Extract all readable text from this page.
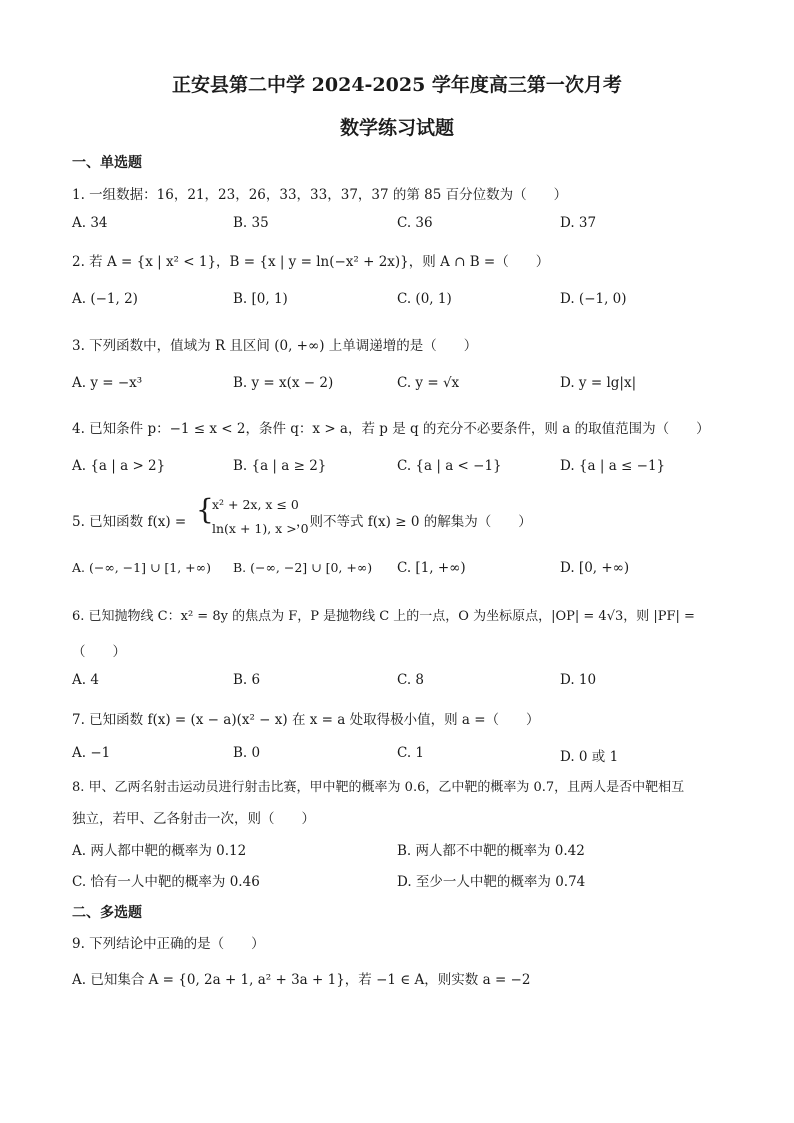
正安县第二中学 2024-2025 学年度高三第一次月考
数学练习试题
一、单选题
1. 一组数据：16，21，23，26，33，33，37，37 的第 85 百分位数为（　　）
A. 34	B. 35	C. 36	D. 37
2. 若 A = {x | x² < 1}，B = {x | y = ln(−x² + 2x)}，则 A ∩ B =（　　）
A. (−1, 2)	B. [0, 1)	C. (0, 1)	D. (−1, 0)
3. 下列函数中，值域为 R 且区间 (0, +∞) 上单调递增的是（　　）
A. y = −x³	B. y = x(x − 2)	C. y = √x	D. y = lg|x|
4. 已知条件 p：−1 ≤ x < 2，条件 q：x > a，若 p 是 q 的充分不必要条件，则 a 的取值范围为（　　）
A. {a | a > 2}	B. {a | a ≥ 2}	C. {a | a < −1}	D. {a | a ≤ −1}
5. 已知函数 f(x) = {
x² + 2x, x ≤ 0
ln(x + 1), x > 0
，则不等式 f(x) ≥ 0 的解集为（　　）
A. (−∞, −1] ∪ [1, +∞) B. (−∞, −2] ∪ [0, +∞) C. [1, +∞)	D. [0, +∞)
6. 已知抛物线 C：x² = 8y 的焦点为 F，P 是抛物线 C 上的一点，O 为坐标原点，|OP| = 4√3，则 |PF| =
（　　）
A. 4	B. 6	C. 8	D. 10
7. 已知函数 f(x) = (x − a)(x² − x) 在 x = a 处取得极小值，则 a =（　　）
A. −1	B. 0	C. 1	D. 0 或 1
8. 甲、乙两名射击运动员进行射击比赛，甲中靶的概率为 0.6，乙中靶的概率为 0.7，且两人是否中靶相互
独立，若甲、乙各射击一次，则（　　）
A. 两人都中靶的概率为 0.12	B. 两人都不中靶的概率为 0.42
C. 恰有一人中靶的概率为 0.46	D. 至少一人中靶的概率为 0.74
二、多选题
9. 下列结论中正确的是（　　）
A. 已知集合 A = {0, 2a + 1, a² + 3a + 1}，若 −1 ∈ A，则实数 a = −2
